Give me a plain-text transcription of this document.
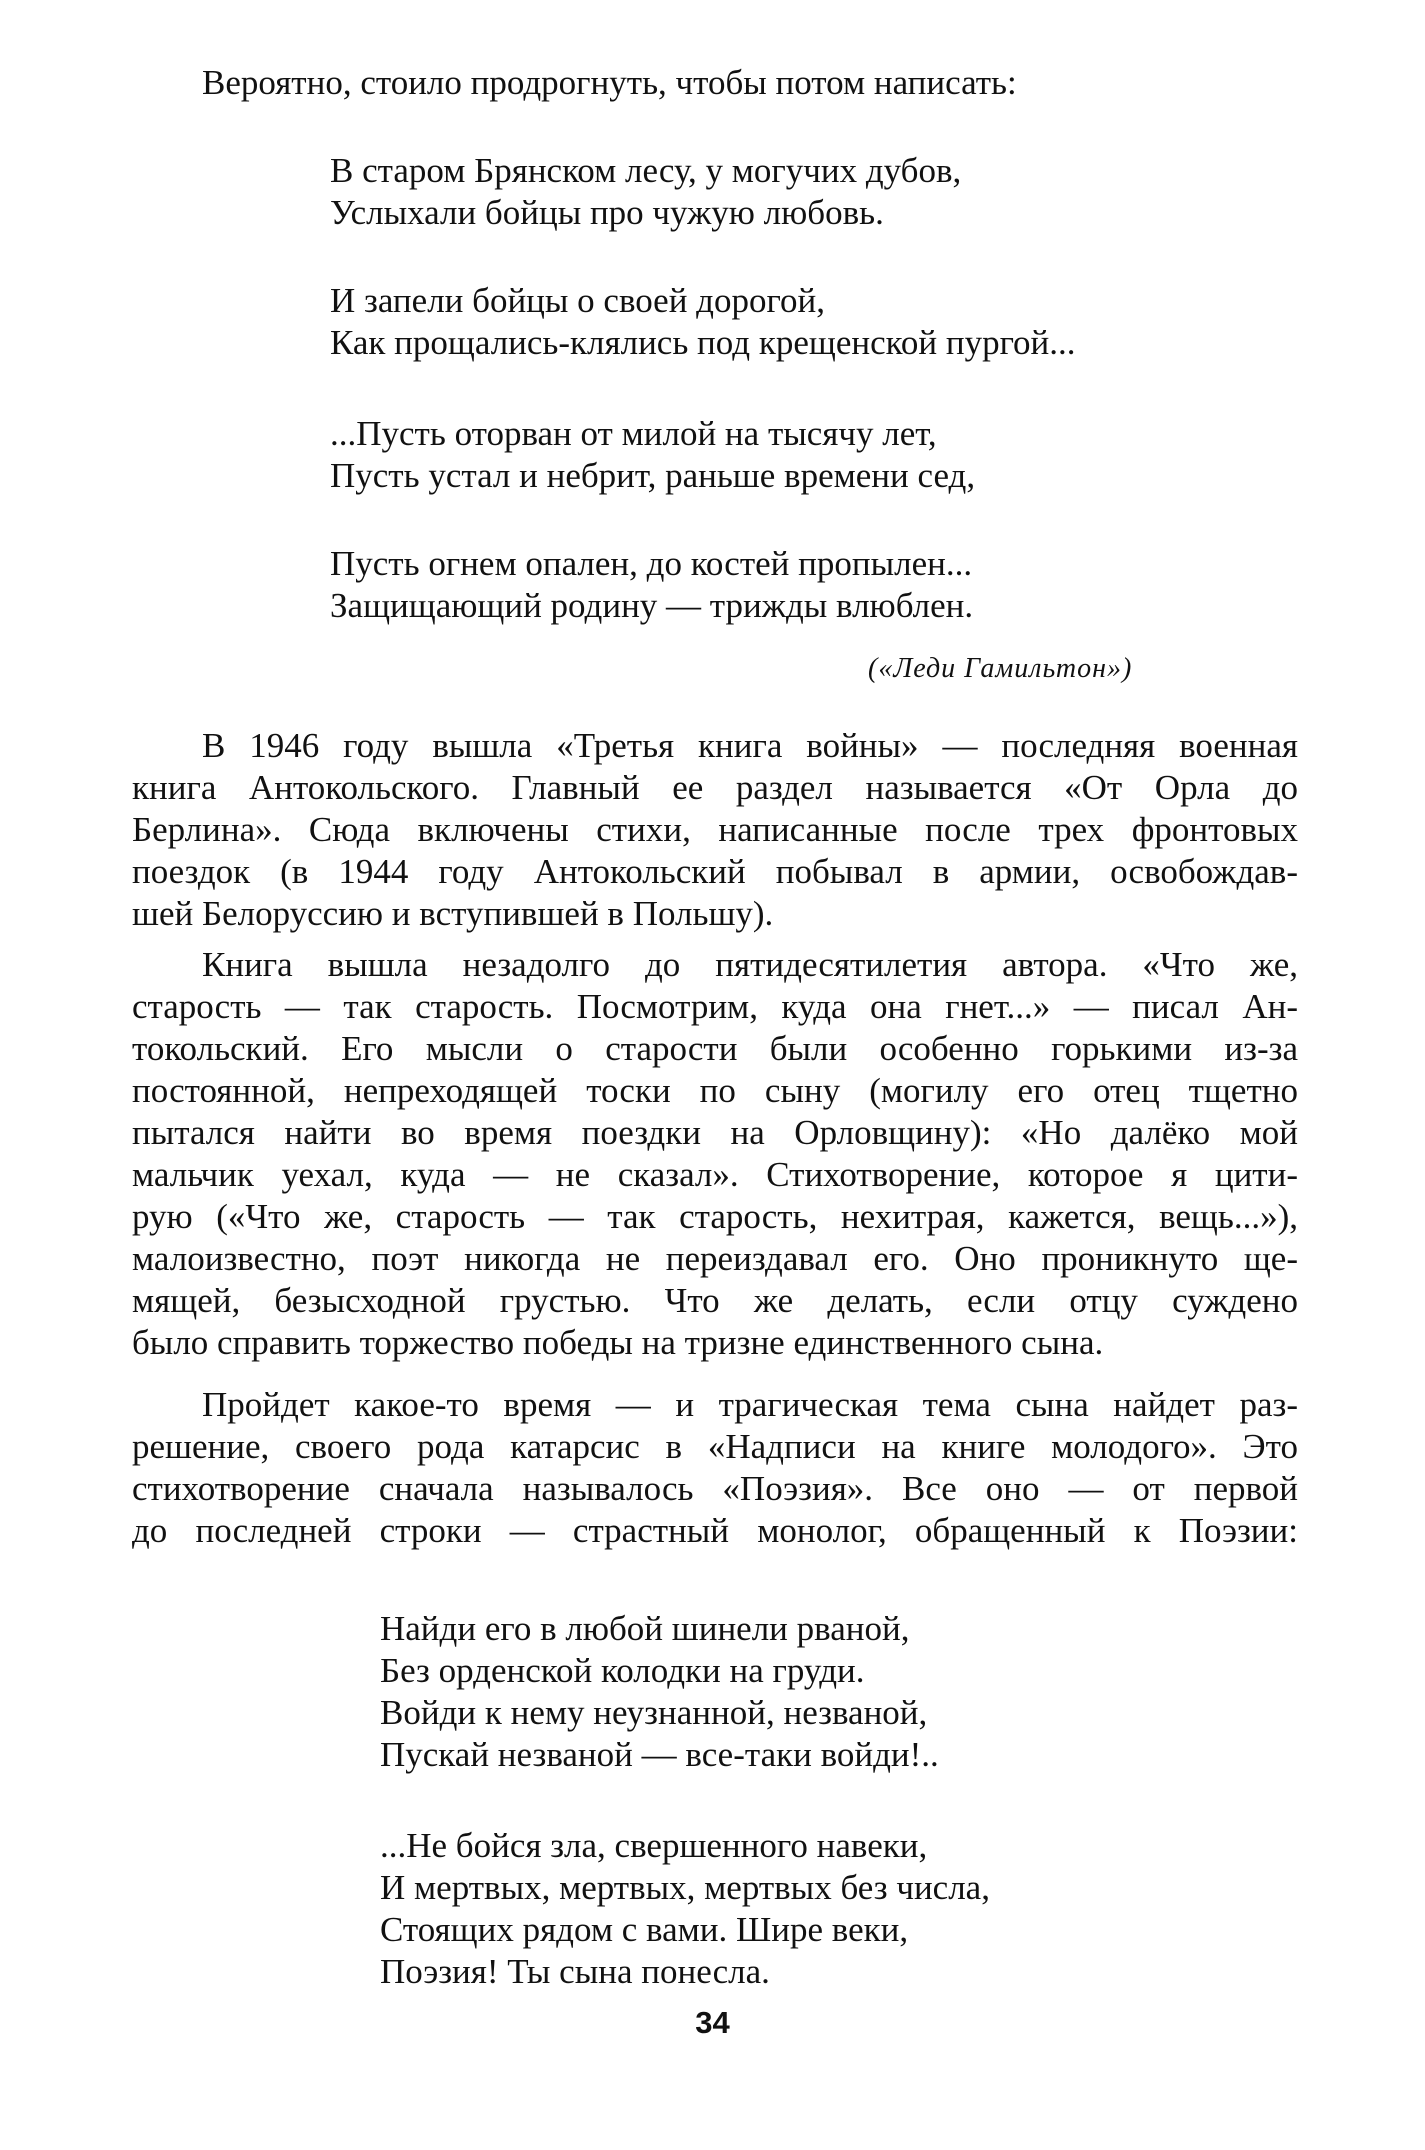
Вероятно, стоило продрогнуть, чтобы потом написать:
В старом Брянском лесу, у могучих дубов,
Услыхали бойцы про чужую любовь.
И запели бойцы о своей дорогой,
Как прощались-клялись под крещенской пургой...
...Пусть оторван от милой на тысячу лет,
Пусть устал и небрит, раньше времени сед,
Пусть огнем опален, до костей пропылен...
Защищающий родину — трижды влюблен.
(«Леди Гамильтон»)
В 1946 году вышла «Третья книга войны» — последняя военная
книга Антокольского. Главный ее раздел называется «От Орла до
Берлина». Сюда включены стихи, написанные после трех фронтовых
поездок (в 1944 году Антокольский побывал в армии, освобождав-
шей Белоруссию и вступившей в Польшу).
Книга вышла незадолго до пятидесятилетия автора. «Что же,
старость — так старость. Посмотрим, куда она гнет...» — писал Ан-
токольский. Его мысли о старости были особенно горькими из-за
постоянной, непреходящей тоски по сыну (могилу его отец тщетно
пытался найти во время поездки на Орловщину): «Но далёко мой
мальчик уехал, куда — не сказал». Стихотворение, которое я цити-
рую («Что же, старость — так старость, нехитрая, кажется, вещь...»),
малоизвестно, поэт никогда не переиздавал его. Оно проникнуто ще-
мящей, безысходной грустью. Что же делать, если отцу суждено
было справить торжество победы на тризне единственного сына.
Пройдет какое-то время — и трагическая тема сына найдет раз-
решение, своего рода катарсис в «Надписи на книге молодого». Это
стихотворение сначала называлось «Поэзия». Все оно — от первой
до последней строки — страстный монолог, обращенный к Поэзии:
Найди его в любой шинели рваной,
Без орденской колодки на груди.
Войди к нему неузнанной, незваной,
Пускай незваной — все-таки войди!..
...Не бойся зла, свершенного навеки,
И мертвых, мертвых, мертвых без числа,
Стоящих рядом с вами. Шире веки,
Поэзия! Ты сына понесла.
34
